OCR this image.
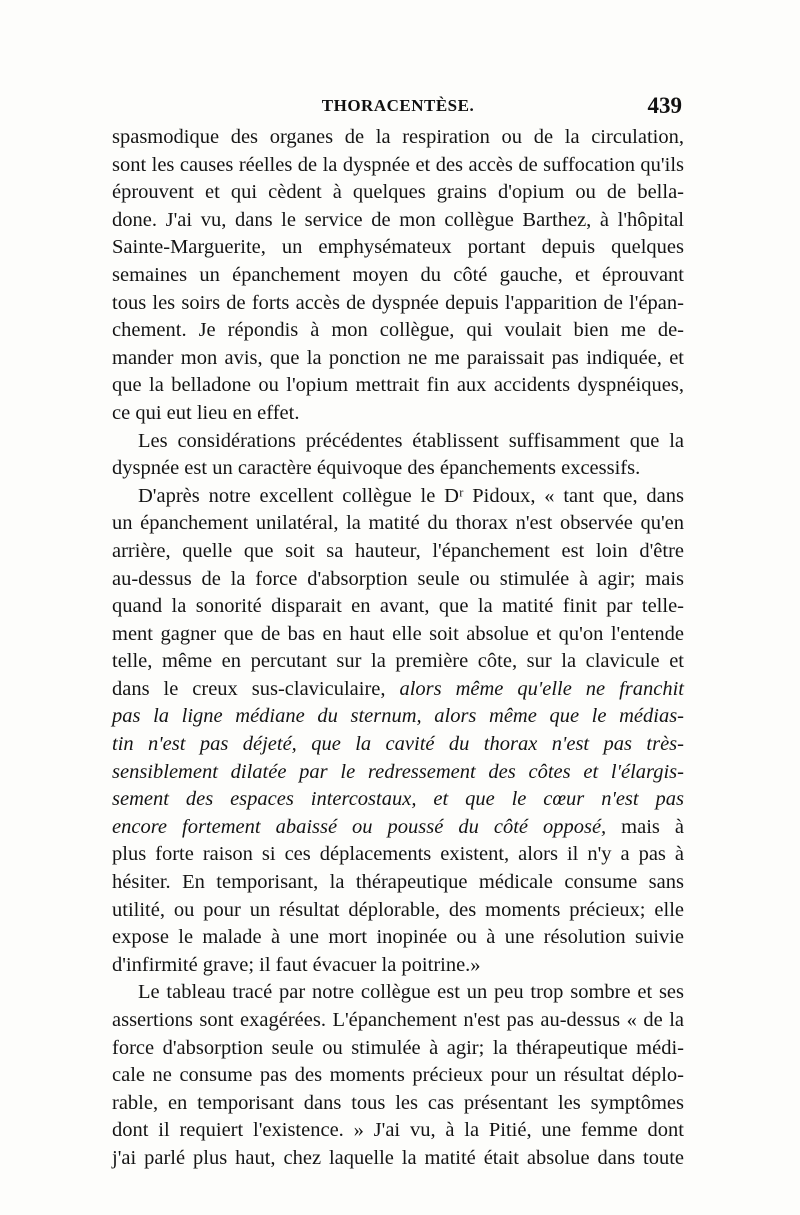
THORACENTÈSE.	439
spasmodique des organes de la respiration ou de la circulation,
sont les causes réelles de la dyspnée et des accès de suffocation qu'ils
éprouvent et qui cèdent à quelques grains d'opium ou de bella-
done. J'ai vu, dans le service de mon collègue Barthez, à l'hôpital
Sainte-Marguerite, un emphysémateux portant depuis quelques
semaines un épanchement moyen du côté gauche, et éprouvant
tous les soirs de forts accès de dyspnée depuis l'apparition de l'épan-
chement. Je répondis à mon collègue, qui voulait bien me de-
mander mon avis, que la ponction ne me paraissait pas indiquée, et
que la belladone ou l'opium mettrait fin aux accidents dyspnéiques,
ce qui eut lieu en effet.
Les considérations précédentes établissent suffisamment que la
dyspnée est un caractère équivoque des épanchements excessifs.
D'après notre excellent collègue le Dʳ Pidoux, « tant que, dans
un épanchement unilatéral, la matité du thorax n'est observée qu'en
arrière, quelle que soit sa hauteur, l'épanchement est loin d'être
au-dessus de la force d'absorption seule ou stimulée à agir; mais
quand la sonorité disparait en avant, que la matité finit par telle-
ment gagner que de bas en haut elle soit absolue et qu'on l'entende
telle, même en percutant sur la première côte, sur la clavicule et
dans le creux sus-claviculaire, alors même qu'elle ne franchit
pas la ligne médiane du sternum, alors même que le médias-
tin n'est pas déjeté, que la cavité du thorax n'est pas très-
sensiblement dilatée par le redressement des côtes et l'élargis-
sement des espaces intercostaux, et que le cœur n'est pas
encore fortement abaissé ou poussé du côté opposé, mais à
plus forte raison si ces déplacements existent, alors il n'y a pas à
hésiter. En temporisant, la thérapeutique médicale consume sans
utilité, ou pour un résultat déplorable, des moments précieux; elle
expose le malade à une mort inopinée ou à une résolution suivie
d'infirmité grave; il faut évacuer la poitrine.»
Le tableau tracé par notre collègue est un peu trop sombre et ses
assertions sont exagérées. L'épanchement n'est pas au-dessus « de la
force d'absorption seule ou stimulée à agir; la thérapeutique médi-
cale ne consume pas des moments précieux pour un résultat déplo-
rable, en temporisant dans tous les cas présentant les symptômes
dont il requiert l'existence. » J'ai vu, à la Pitié, une femme dont
j'ai parlé plus haut, chez laquelle la matité était absolue dans toute
